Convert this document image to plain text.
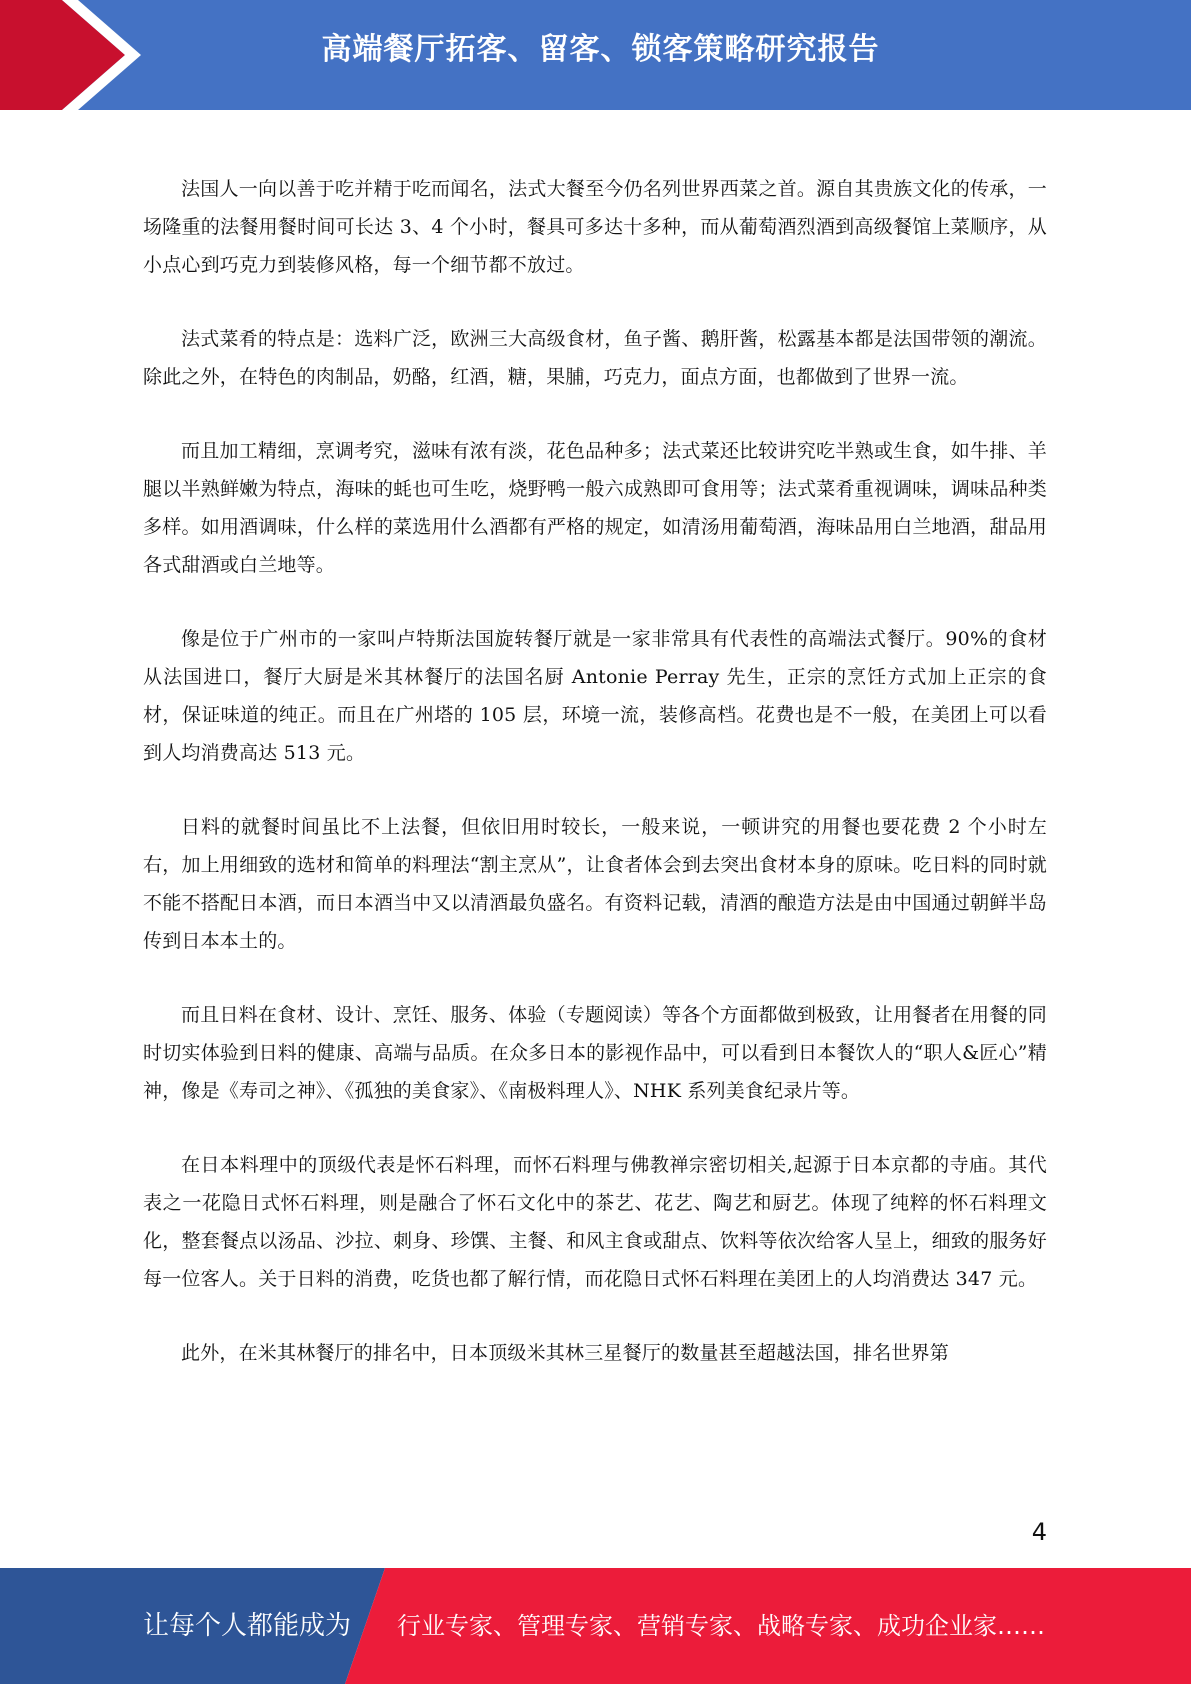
高端餐厅拓客、留客、锁客策略研究报告

法国人一向以善于吃并精于吃而闻名，法式大餐至今仍名列世界西菜之首。源自其贵族文化的传承，一场隆重的法餐用餐时间可长达 3、4 个小时，餐具可多达十多种，而从葡萄酒烈酒到高级餐馆上菜顺序，从小点心到巧克力到装修风格，每一个细节都不放过。

法式菜肴的特点是：选料广泛，欧洲三大高级食材，鱼子酱、鹅肝酱，松露基本都是法国带领的潮流。除此之外，在特色的肉制品，奶酪，红酒，糖，果脯，巧克力，面点方面，也都做到了世界一流。

而且加工精细，烹调考究，滋味有浓有淡，花色品种多；法式菜还比较讲究吃半熟或生食，如牛排、羊腿以半熟鲜嫩为特点，海味的蚝也可生吃，烧野鸭一般六成熟即可食用等；法式菜肴重视调味，调味品种类多样。如用酒调味，什么样的菜选用什么酒都有严格的规定，如清汤用葡萄酒，海味品用白兰地酒，甜品用各式甜酒或白兰地等。

像是位于广州市的一家叫卢特斯法国旋转餐厅就是一家非常具有代表性的高端法式餐厅。90%的食材从法国进口，餐厅大厨是米其林餐厅的法国名厨 Antonie Perray 先生，正宗的烹饪方式加上正宗的食材，保证味道的纯正。而且在广州塔的 105 层，环境一流，装修高档。花费也是不一般，在美团上可以看到人均消费高达 513 元。

日料的就餐时间虽比不上法餐，但依旧用时较长，一般来说，一顿讲究的用餐也要花费 2 个小时左右，加上用细致的选材和简单的料理法“割主烹从”，让食者体会到去突出食材本身的原味。吃日料的同时就不能不搭配日本酒，而日本酒当中又以清酒最负盛名。有资料记载，清酒的酿造方法是由中国通过朝鲜半岛传到日本本土的。

而且日料在食材、设计、烹饪、服务、体验（专题阅读）等各个方面都做到极致，让用餐者在用餐的同时切实体验到日料的健康、高端与品质。在众多日本的影视作品中，可以看到日本餐饮人的“职人&匠心”精神，像是《寿司之神》、《孤独的美食家》、《南极料理人》、NHK 系列美食纪录片等。

在日本料理中的顶级代表是怀石料理，而怀石料理与佛教禅宗密切相关,起源于日本京都的寺庙。其代表之一花隐日式怀石料理，则是融合了怀石文化中的茶艺、花艺、陶艺和厨艺。体现了纯粹的怀石料理文化，整套餐点以汤品、沙拉、刺身、珍馔、主餐、和风主食或甜点、饮料等依次给客人呈上，细致的服务好每一位客人。关于日料的消费，吃货也都了解行情，而花隐日式怀石料理在美团上的人均消费达 347 元。

此外，在米其林餐厅的排名中，日本顶级米其林三星餐厅的数量甚至超越法国，排名世界第

4
让每个人都能成为 行业专家、管理专家、营销专家、战略专家、成功企业家……
